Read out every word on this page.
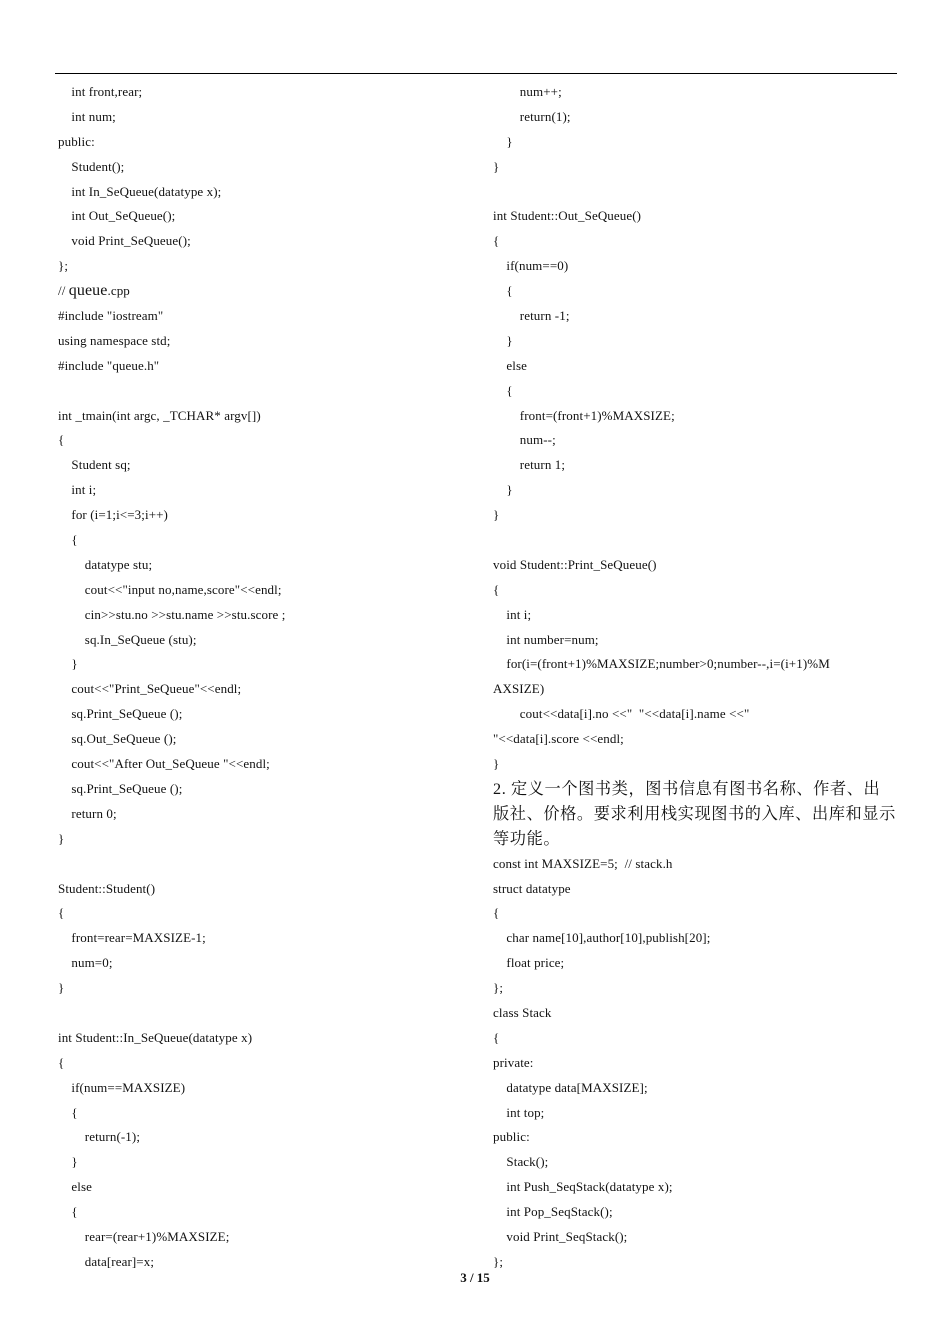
int front,rear;
int num;
public:
Student();
int In_SeQueue(datatype x);
int Out_SeQueue();
void Print_SeQueue();
};
// queue.cpp
#include "iostream"
using namespace std;
#include "queue.h"
int _tmain(int argc, _TCHAR* argv[])
{
Student sq;
int i;
for (i=1;i<=3;i++)
{
datatype stu;
cout<<"input no,name,score"<<endl;
cin>>stu.no >>stu.name >>stu.score ;
sq.In_SeQueue (stu);
}
cout<<"Print_SeQueue"<<endl;
sq.Print_SeQueue ();
sq.Out_SeQueue ();
cout<<"After Out_SeQueue "<<endl;
sq.Print_SeQueue ();
return 0;
}
Student::Student()
{
front=rear=MAXSIZE-1;
num=0;
}
int Student::In_SeQueue(datatype x)
{
if(num==MAXSIZE)
{
return(-1);
}
else
{
rear=(rear+1)%MAXSIZE;
data[rear]=x;
num++;
return(1);
}
}
int Student::Out_SeQueue()
{
if(num==0)
{
return -1;
}
else
{
front=(front+1)%MAXSIZE;
num--;
return 1;
}
}
void Student::Print_SeQueue()
{
int i;
int number=num;
for(i=(front+1)%MAXSIZE;number>0;number--,i=(i+1)%M
AXSIZE)
cout<<data[i].no <<"  "<<data[i].name <<"
"<<data[i].score <<endl;
}
2. 定义一个图书类，图书信息有图书名称、作者、出
版社、价格。要求利用栈实现图书的入库、出库和显示
等功能。
const int MAXSIZE=5;  // stack.h
struct datatype
{
char name[10],author[10],publish[20];
float price;
};
class Stack
{
private:
datatype data[MAXSIZE];
int top;
public:
Stack();
int Push_SeqStack(datatype x);
int Pop_SeqStack();
void Print_SeqStack();
};
3 / 15
